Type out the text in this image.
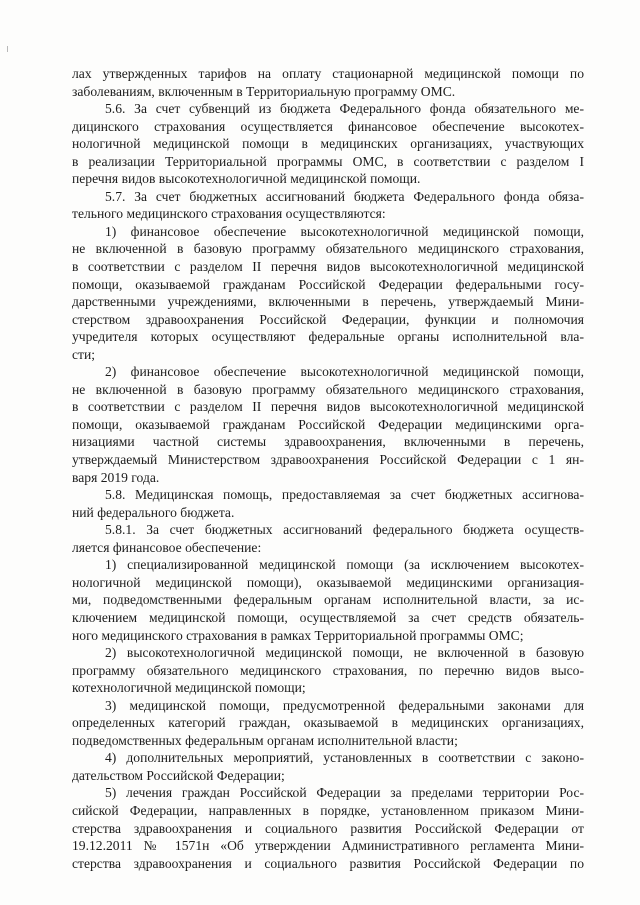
лах утвержденных тарифов на оплату стационарной медицинской помощи по
заболеваниям, включенным в Территориальную программу ОМС.
5.6. За счет субвенций из бюджета Федерального фонда обязательного ме-
дицинского страхования осуществляется финансовое обеспечение высокотех-
нологичной медицинской помощи в медицинских организациях, участвующих
в реализации Территориальной программы ОМС, в соответствии с разделом I
перечня видов высокотехнологичной медицинской помощи.
5.7. За счет бюджетных ассигнований бюджета Федерального фонда обяза-
тельного медицинского страхования осуществляются:
1) финансовое обеспечение высокотехнологичной медицинской помощи,
не включенной в базовую программу обязательного медицинского страхования,
в соответствии с разделом II перечня видов высокотехнологичной медицинской
помощи, оказываемой гражданам Российской Федерации федеральными госу-
дарственными учреждениями, включенными в перечень, утверждаемый Мини-
стерством здравоохранения Российской Федерации, функции и полномочия
учредителя которых осуществляют федеральные органы исполнительной вла-
сти;
2) финансовое обеспечение высокотехнологичной медицинской помощи,
не включенной в базовую программу обязательного медицинского страхования,
в соответствии с разделом II перечня видов высокотехнологичной медицинской
помощи, оказываемой гражданам Российской Федерации медицинскими орга-
низациями частной системы здравоохранения, включенными в перечень,
утверждаемый Министерством здравоохранения Российской Федерации с 1 ян-
варя 2019 года.
5.8. Медицинская помощь, предоставляемая за счет бюджетных ассигнова-
ний федерального бюджета.
5.8.1. За счет бюджетных ассигнований федерального бюджета осуществ-
ляется финансовое обеспечение:
1) специализированной медицинской помощи (за исключением высокотех-
нологичной медицинской помощи), оказываемой медицинскими организация-
ми, подведомственными федеральным органам исполнительной власти, за ис-
ключением медицинской помощи, осуществляемой за счет средств обязатель-
ного медицинского страхования в рамках Территориальной программы ОМС;
2) высокотехнологичной медицинской помощи, не включенной в базовую
программу обязательного медицинского страхования, по перечню видов высо-
котехнологичной медицинской помощи;
3) медицинской помощи, предусмотренной федеральными законами для
определенных категорий граждан, оказываемой в медицинских организациях,
подведомственных федеральным органам исполнительной власти;
4) дополнительных мероприятий, установленных в соответствии с законо-
дательством Российской Федерации;
5) лечения граждан Российской Федерации за пределами территории Рос-
сийской Федерации, направленных в порядке, установленном приказом Мини-
стерства здравоохранения и социального развития Российской Федерации от
19.12.2011 № 1571н «Об утверждении Административного регламента Мини-
стерства здравоохранения и социального развития Российской Федерации по
